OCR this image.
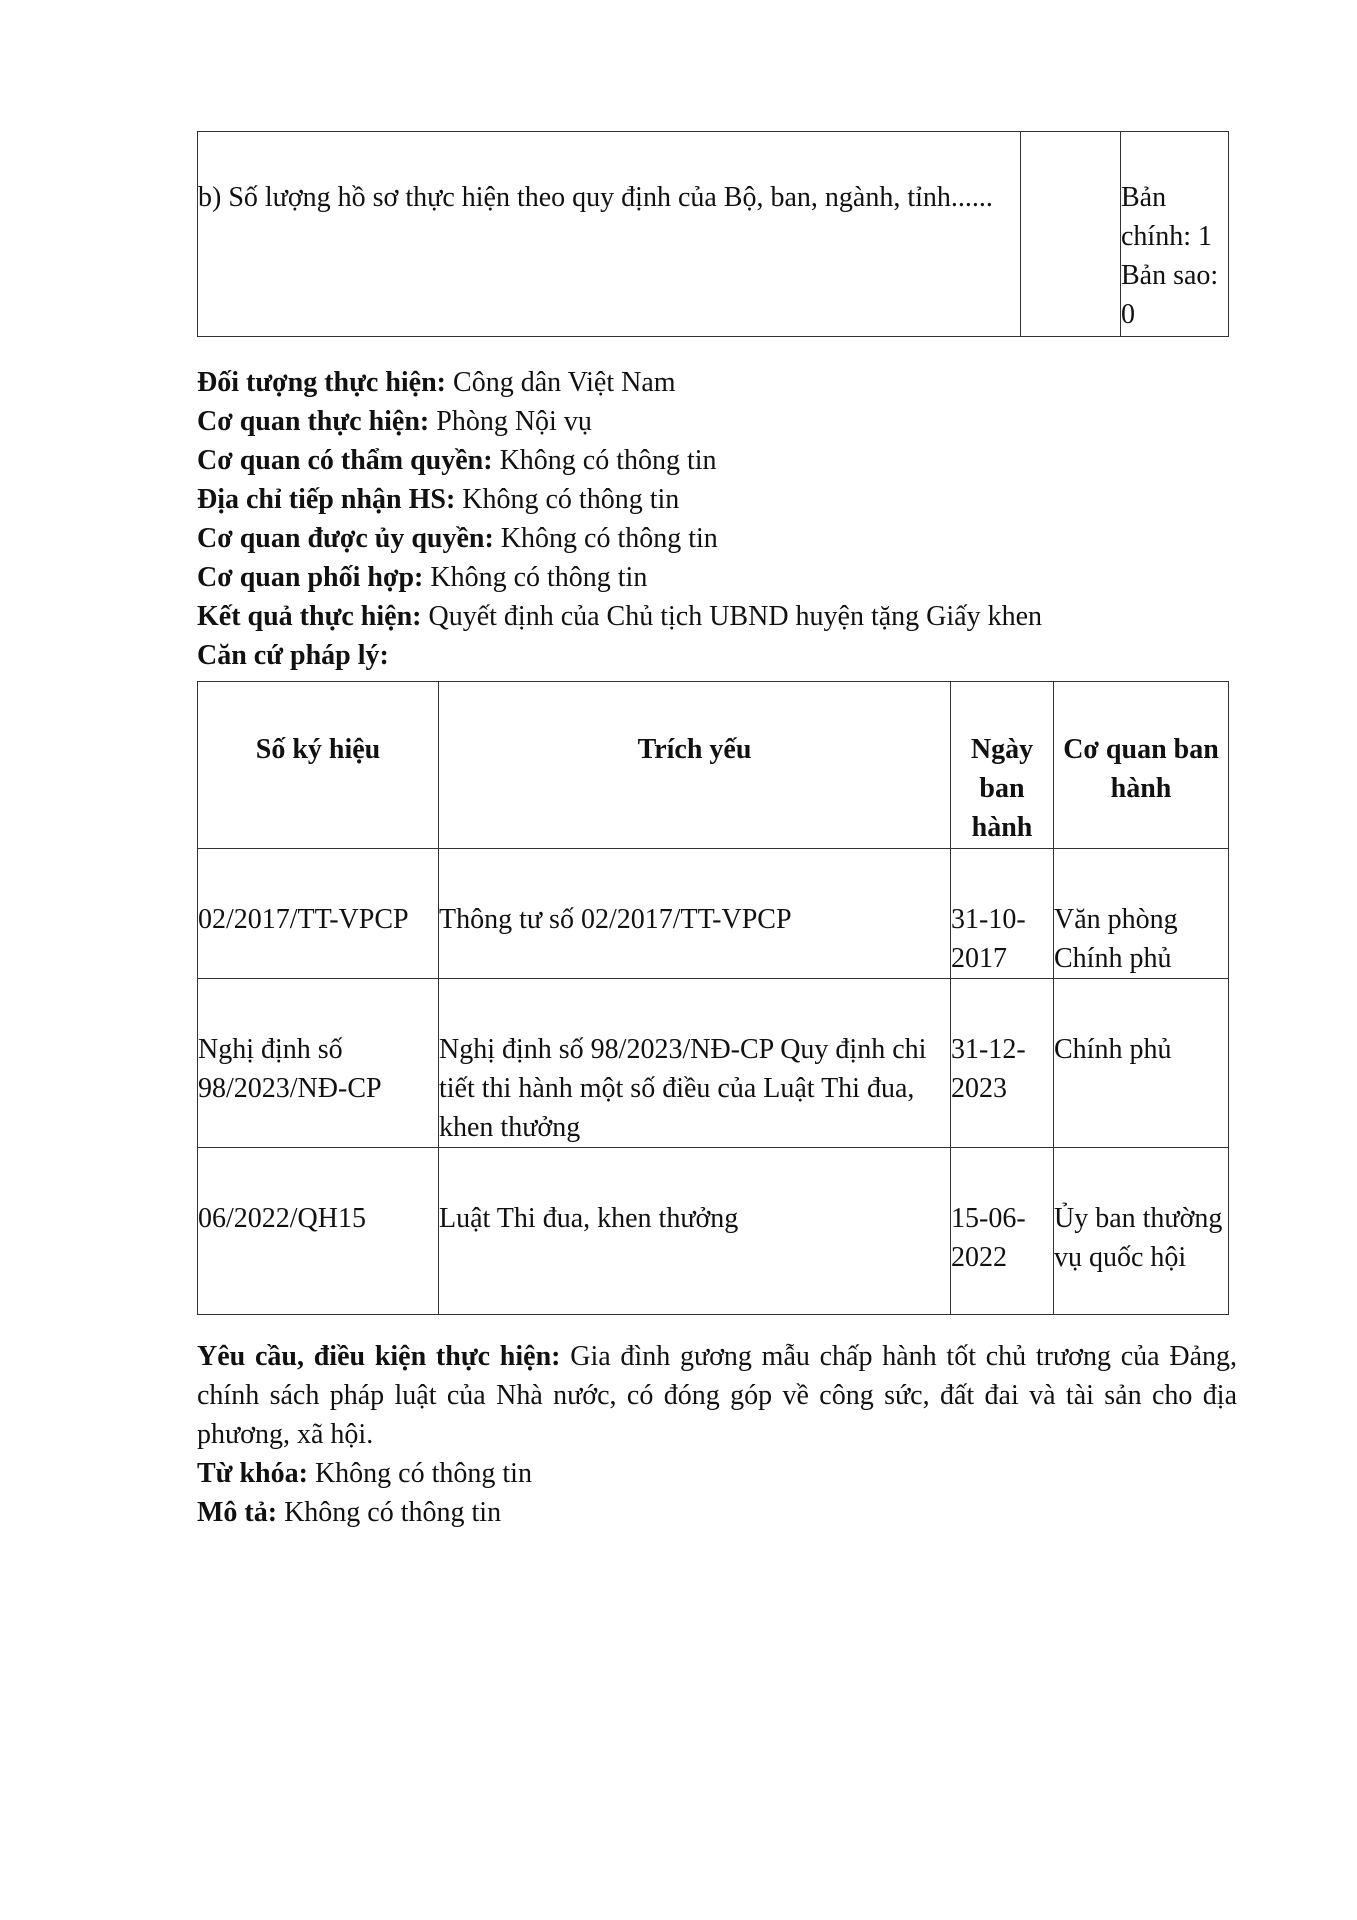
b) Số lượng hồ sơ thực hiện theo quy định của Bộ, ban, ngành, tỉnh......		Bản chính: 1 Bản sao: 0
Đối tượng thực hiện: Công dân Việt Nam
Cơ quan thực hiện: Phòng Nội vụ
Cơ quan có thẩm quyền: Không có thông tin
Địa chỉ tiếp nhận HS: Không có thông tin
Cơ quan được ủy quyền: Không có thông tin
Cơ quan phối hợp: Không có thông tin
Kết quả thực hiện: Quyết định của Chủ tịch UBND huyện tặng Giấy khen
Căn cứ pháp lý:
Số ký hiệu	Trích yếu	Ngày ban hành	Cơ quan ban hành
02/2017/TT-VPCP	Thông tư số 02/2017/TT-VPCP	31-10-2017	Văn phòng Chính phủ
Nghị định số 98/2023/NĐ-CP	Nghị định số 98/2023/NĐ-CP Quy định chi tiết thi hành một số điều của Luật Thi đua, khen thưởng	31-12-2023	Chính phủ
06/2022/QH15	Luật Thi đua, khen thưởng	15-06-2022	Ủy ban thường vụ quốc hội
Yêu cầu, điều kiện thực hiện: Gia đình gương mẫu chấp hành tốt chủ trương của Đảng, chính sách pháp luật của Nhà nước, có đóng góp về công sức, đất đai và tài sản cho địa phương, xã hội.
Từ khóa: Không có thông tin
Mô tả: Không có thông tin
